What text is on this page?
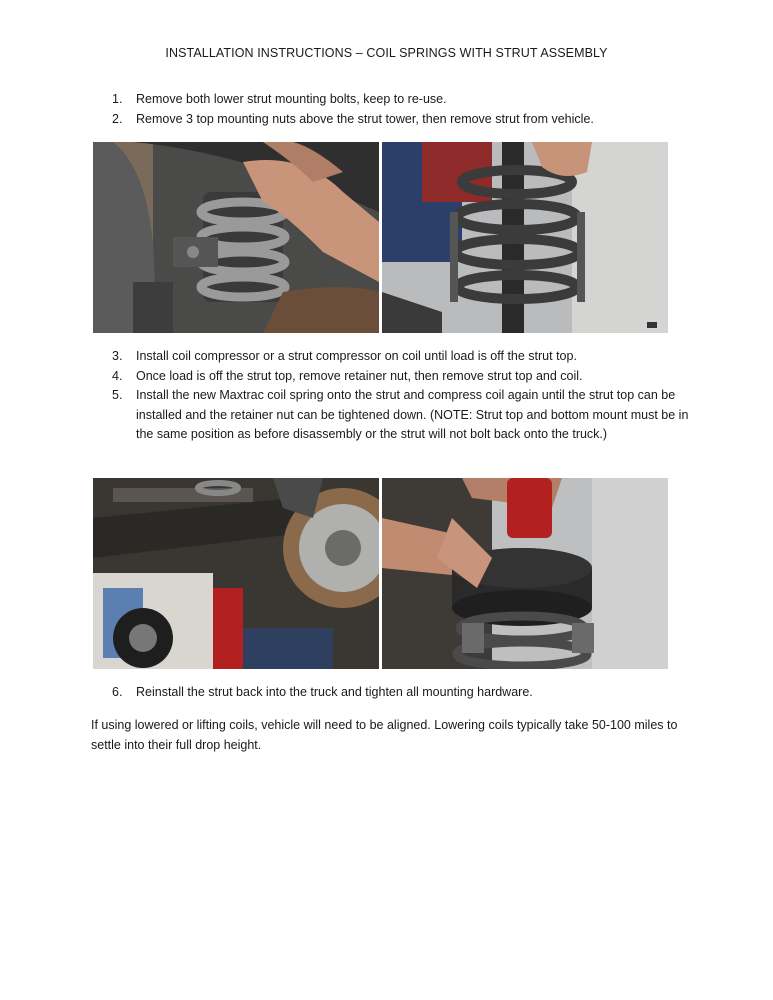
INSTALLATION INSTRUCTIONS – COIL SPRINGS WITH STRUT ASSEMBLY
1. Remove both lower strut mounting bolts, keep to re-use.
2. Remove 3 top mounting nuts above the strut tower, then remove strut from vehicle.
3. Install coil compressor or a strut compressor on coil until load is off the strut top.
4. Once load is off the strut top, remove retainer nut, then remove strut top and coil.
5. Install the new Maxtrac coil spring onto the strut and compress coil again until the strut top can be installed and the retainer nut can be tightened down. (NOTE: Strut top and bottom mount must be in the same position as before disassembly or the strut will not bolt back onto the truck.)
6. Reinstall the strut back into the truck and tighten all mounting hardware.
If using lowered or lifting coils, vehicle will need to be aligned. Lowering coils typically take 50-100 miles to settle into their full drop height.
